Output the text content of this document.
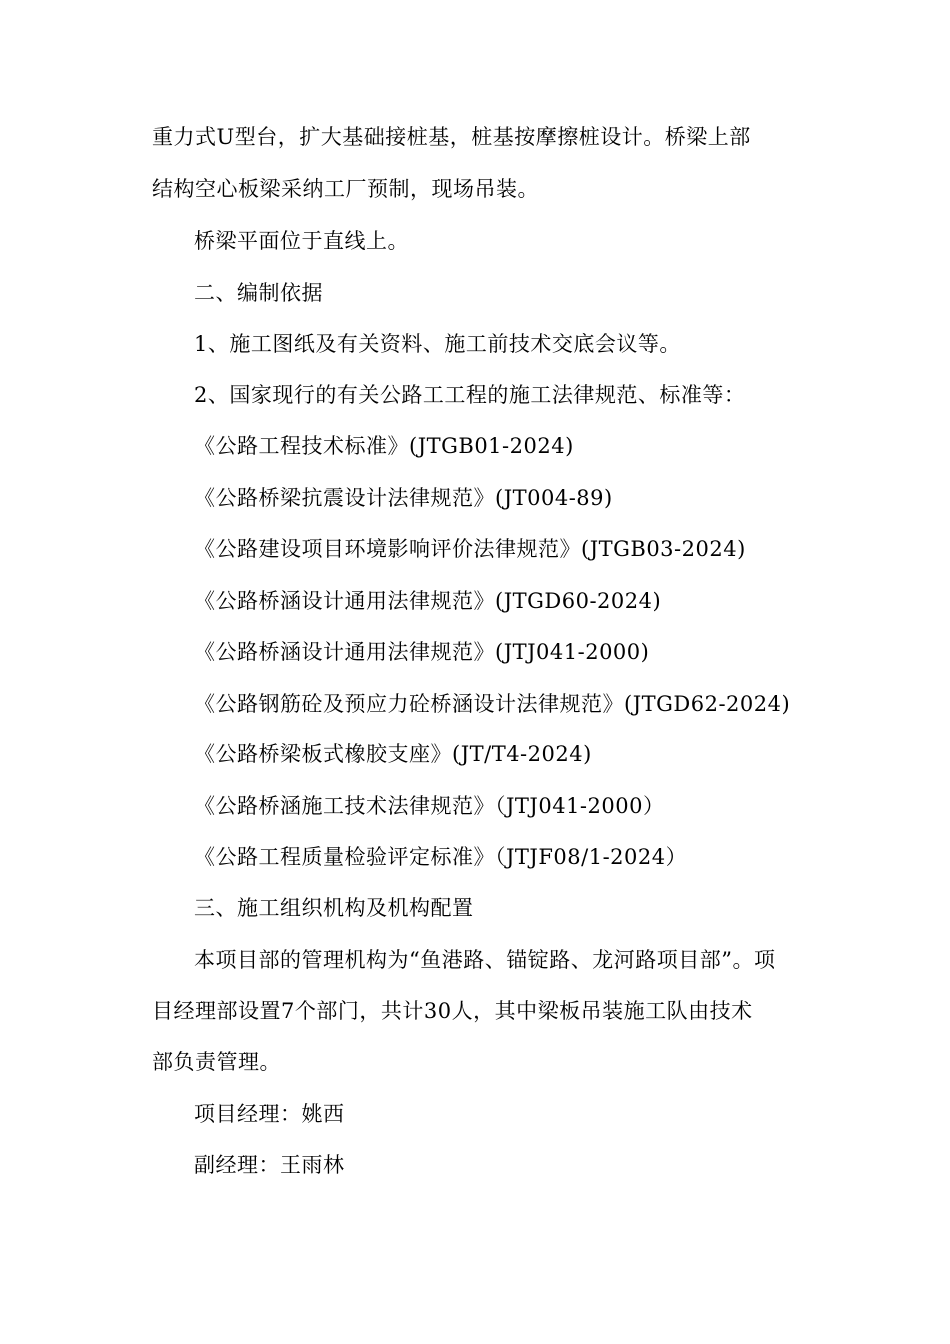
重力式U型台，扩大基础接桩基，桩基按摩擦桩设计。桥梁上部
结构空心板梁采纳工厂预制，现场吊装。
桥梁平面位于直线上。
二、编制依据
1、施工图纸及有关资料、施工前技术交底会议等。
2、国家现行的有关公路工工程的施工法律规范、标准等：
《公路工程技术标准》(JTGB01-2024)
《公路桥梁抗震设计法律规范》(JT004-89)
《公路建设项目环境影响评价法律规范》(JTGB03-2024)
《公路桥涵设计通用法律规范》(JTGD60-2024)
《公路桥涵设计通用法律规范》(JTJ041-2000)
《公路钢筋砼及预应力砼桥涵设计法律规范》(JTGD62-2024)
《公路桥梁板式橡胶支座》(JT/T4-2024)
《公路桥涵施工技术法律规范》（JTJ041-2000）
《公路工程质量检验评定标准》（JTJF08/1-2024）
三、施工组织机构及机构配置
本项目部的管理机构为“鱼港路、锚锭路、龙河路项目部”。项
目经理部设置7个部门，共计30人，其中梁板吊装施工队由技术
部负责管理。
项目经理：姚西
副经理：王雨林
